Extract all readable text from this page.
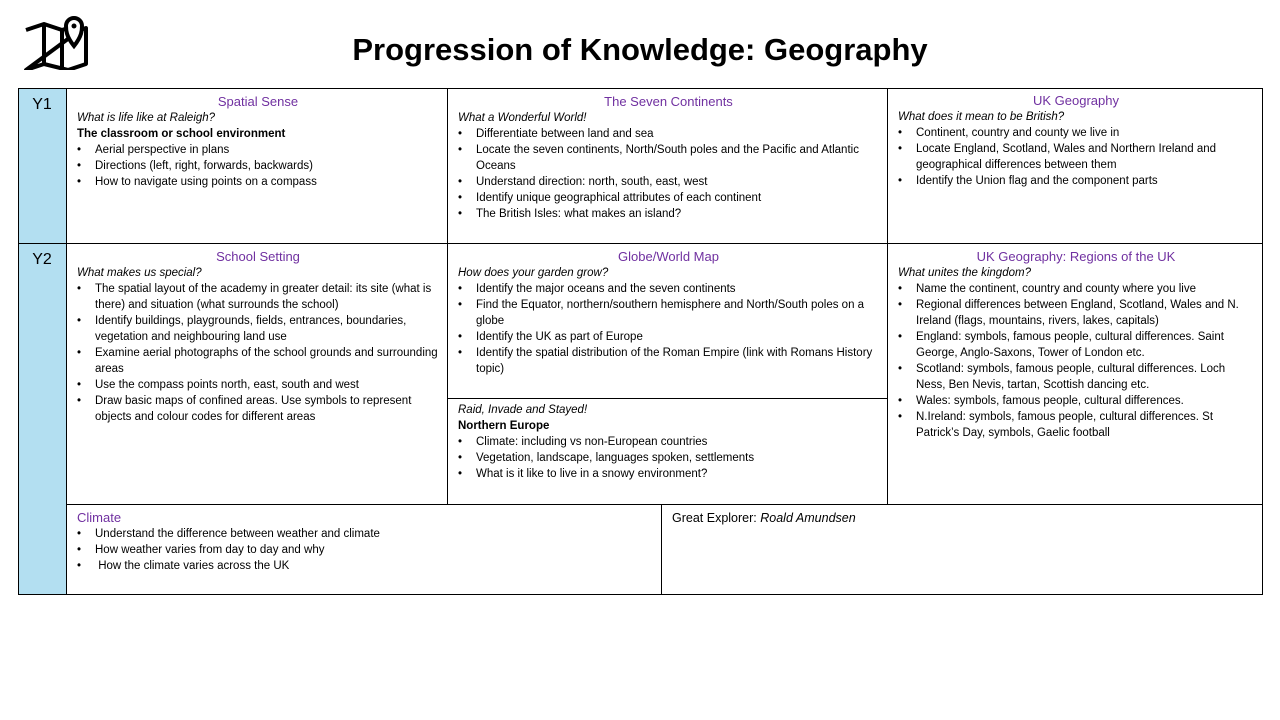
Progression of Knowledge: Geography
Y1
Y2

Spatial Sense

What is life like at Raleigh?

The classroom or school environment

• Aerial perspective in plans
• Directions (left, right, forwards, backwards)
• How to navigate using points on a compass

The Seven Continents

What a Wonderful World!

• Differentiate between land and sea
• Locate the seven continents, North/South poles and the Pacific and Atlantic Oceans
• Understand direction: north, south, east, west
• Identify unique geographical attributes of each continent
• The British Isles: what makes an island?

UK Geography

What does it mean to be British?

• Continent, country and county we live in
• Locate England, Scotland, Wales and Northern Ireland and geographical differences between them
• Identify the Union flag and the component parts

School Setting

What makes us special?

• The spatial layout of the academy in greater detail: its site (what is there) and situation (what surrounds the school)
• Identify buildings, playgrounds, fields, entrances, boundaries, vegetation and neighbouring land use
• Examine aerial photographs of the school grounds and surrounding areas
• Use the compass points north, east, south and west
• Draw basic maps of confined areas. Use symbols to represent objects and colour codes for different areas

Globe/World Map

How does your garden grow?

• Identify the major oceans and the seven continents
• Find the Equator, northern/southern hemisphere and North/South poles on a globe
• Identify the UK as part of Europe
• Identify the spatial distribution of the Roman Empire (link with Romans History topic)

Raid, Invade and Stayed!

Northern Europe

• Climate: including vs non-European countries
• Vegetation, landscape, languages spoken, settlements
• What is it like to live in a snowy environment?

UK Geography: Regions of the UK

What unites the kingdom?

• Name the continent, country and county where you live
• Regional differences between England, Scotland, Wales and N. Ireland (flags, mountains, rivers, lakes, capitals)
• England: symbols, famous people, cultural differences. Saint George, Anglo-Saxons, Tower of London etc.
• Scotland: symbols, famous people, cultural differences. Loch Ness, Ben Nevis, tartan, Scottish dancing etc.
• Wales: symbols, famous people, cultural differences.
• N.Ireland: symbols, famous people, cultural differences. St Patrick’s Day, symbols, Gaelic football

Climate

• Understand the difference between weather and climate
• How weather varies from day to day and why
•  How the climate varies across the UK

Great Explorer: Roald Amundsen
